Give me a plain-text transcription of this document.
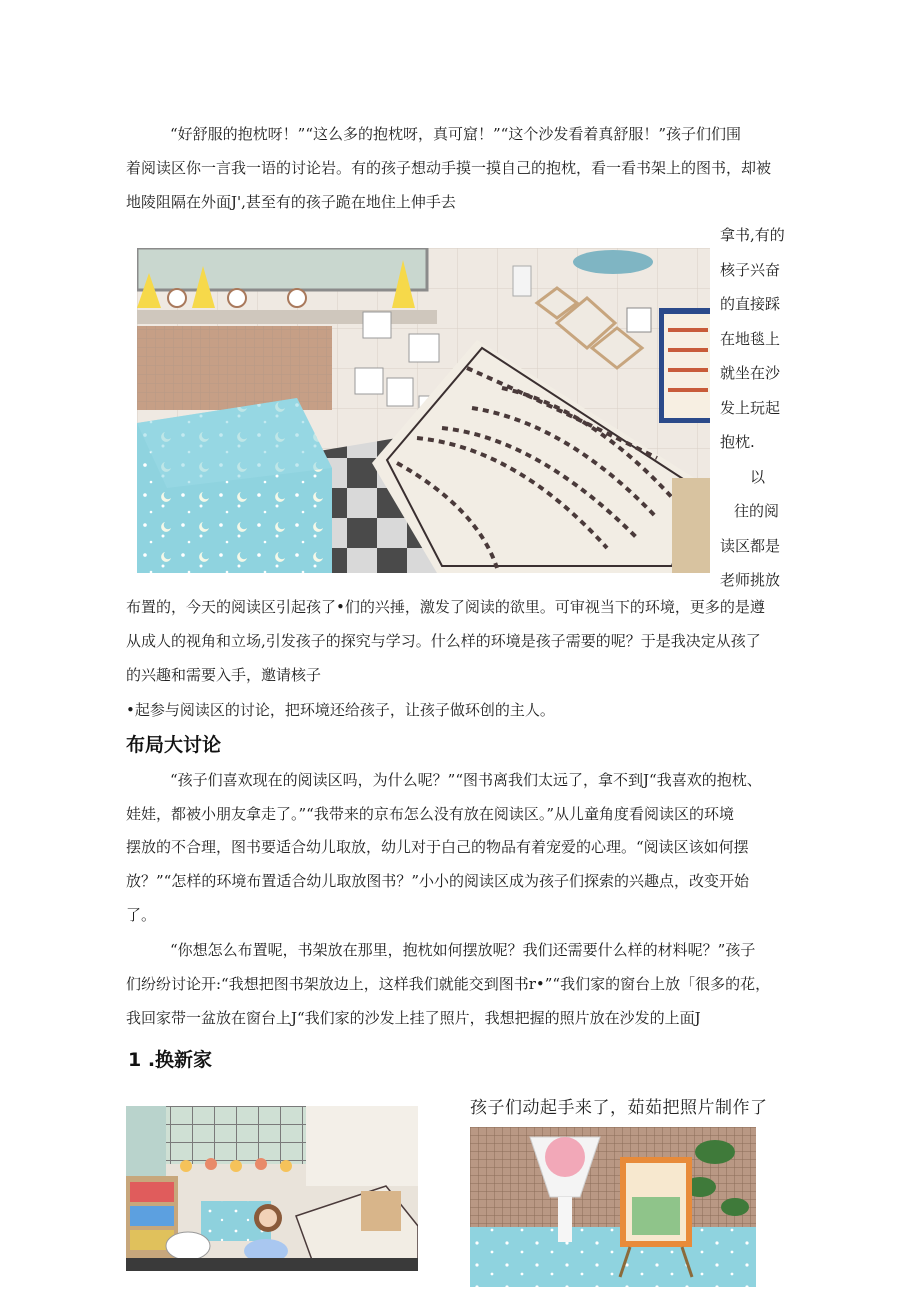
“好舒服的抱枕呀！”“这么多的抱枕呀，真可窟！”“这个沙发看着真舒服！”孩子们们围

着阅读区你一言我一语的讨论岩。有的孩子想动手摸一摸自己的抱枕，看一看书架上的图书，却被

地陵阻隔在外面J',甚至有的孩子跪在地住上伸手去

拿书,有的
核子兴奋
的直接踩
在地毯上
就坐在沙
发上玩起
抱枕.
以
往的阅
读区都是
老师挑放

布置的，今天的阅读区引起孩了•们的兴捶，激发了阅读的欲里。可审视当下的环境，更多的是遵

从成人的视角和立场,引发孩子的探究与学习。什么样的环境是孩子需要的呢？于是我决定从孩了

的兴趣和需要入手，邀请核子

•起参与阅读区的讨论，把环境还给孩子，让孩子做环创的主人。

布局大讨论

“孩子们喜欢现在的阅读区吗，为什么呢？”“图书离我们太远了，拿不到J“我喜欢的抱枕、

娃娃，都被小朋友拿走了。”“我带来的京布怎么没有放在阅读区。”从儿童角度看阅读区的环境

摆放的不合理，图书要适合幼儿取放，幼儿对于白己的物品有着宠爱的心理。“阅读区该如何摆

放？”“怎样的环境布置适合幼儿取放图书？”小小的阅读区成为孩子们探索的兴趣点，改变开始

了。

“你想怎么布置呢，书架放在那里，抱枕如何摆放呢？我们还需要什么样的材料呢？”孩子

们纷纷讨论开:“我想把图书架放边上，这样我们就能交到图书r•”“我们家的窗台上放「很多的花，

我回家带一盆放在窗台上J“我们家的沙发上挂了照片，我想把握的照片放在沙发的上面J

1 .换新家
孩子们动起手来了，茹茹把照片制作了
